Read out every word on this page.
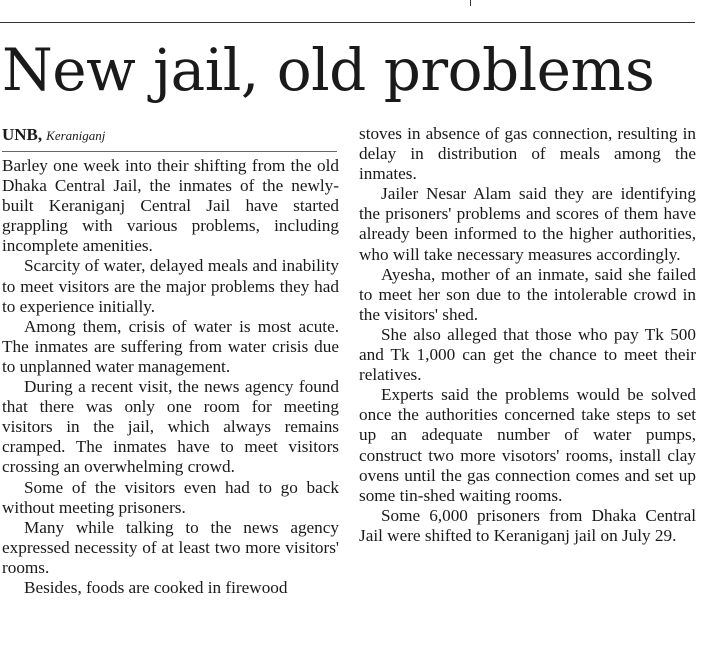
New jail, old problems
UNB, Keraniganj

Barley one week into their shifting from the old Dhaka Central Jail, the inmates of the newly-built Keraniganj Central Jail have started grappling with various problems, including incomplete amenities.

Scarcity of water, delayed meals and inability to meet visitors are the major problems they had to experience initially.

Among them, crisis of water is most acute. The inmates are suffering from water crisis due to unplanned water management.

During a recent visit, the news agency found that there was only one room for meeting visitors in the jail, which always remains cramped. The inmates have to meet visitors crossing an overwhelming crowd.

Some of the visitors even had to go back without meeting prisoners.

Many while talking to the news agency expressed necessity of at least two more visitors' rooms.

Besides, foods are cooked in firewood

stoves in absence of gas connection, resulting in delay in distribution of meals among the inmates.

Jailer Nesar Alam said they are identifying the prisoners' problems and scores of them have already been informed to the higher authorities, who will take necessary measures accordingly.

Ayesha, mother of an inmate, said she failed to meet her son due to the intolerable crowd in the visitors' shed.

She also alleged that those who pay Tk 500 and Tk 1,000 can get the chance to meet their relatives.

Experts said the problems would be solved once the authorities concerned take steps to set up an adequate number of water pumps, construct two more visotors' rooms, install clay ovens until the gas connection comes and set up some tin-shed waiting rooms.

Some 6,000 prisoners from Dhaka Central Jail were shifted to Keraniganj jail on July 29.
